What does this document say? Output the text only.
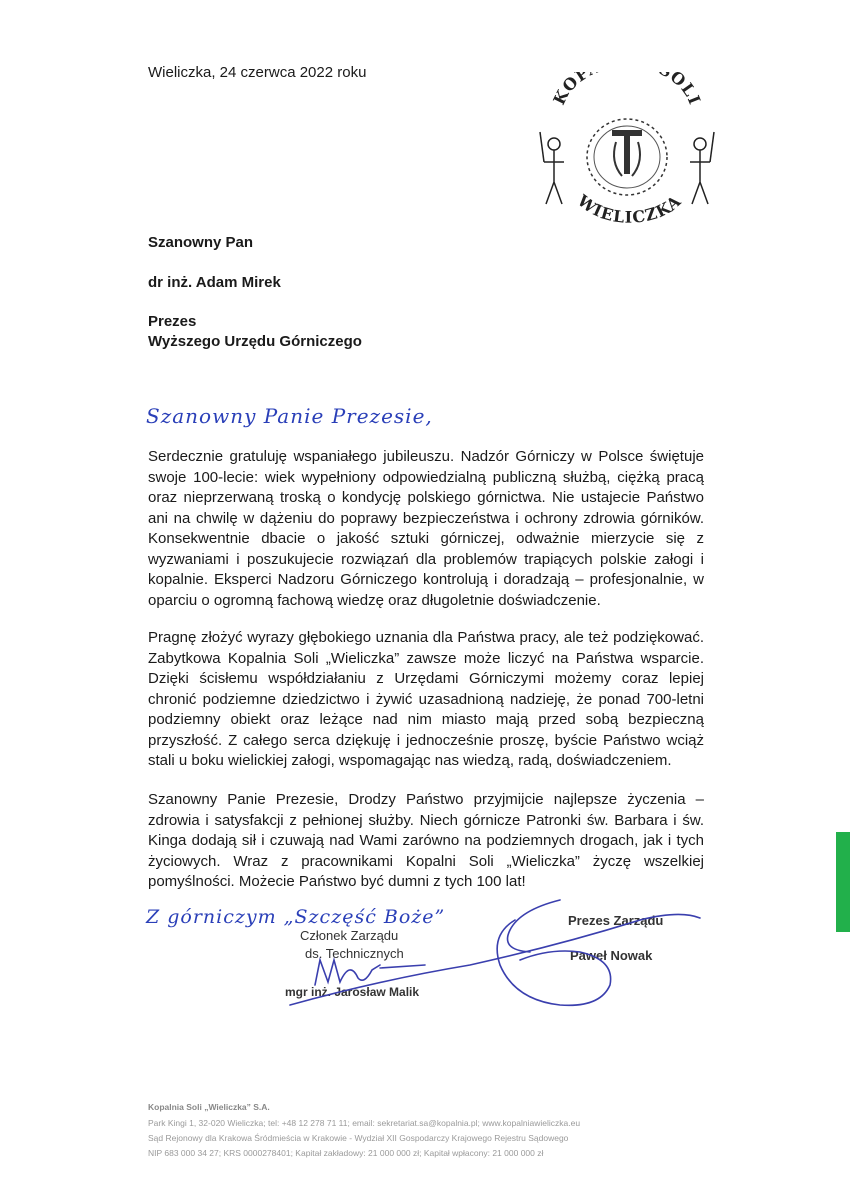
Wieliczka, 24 czerwca 2022 roku
KOP OLI
WIELICZKA
Szanowny Pan
dr inż. Adam Mirek
Prezes
Wyższego Urzędu Górniczego
Szanowny Panie Prezesie,
Serdecznie gratuluję wspaniałego jubileuszu. Nadzór Górniczy w Polsce świętuje swoje 100-lecie: wiek wypełniony odpowiedzialną publiczną służbą, ciężką pracą oraz nieprzerwaną troską o kondycję polskiego górnictwa. Nie ustajecie Państwo ani na chwilę w dążeniu do poprawy bezpieczeństwa i ochrony zdrowia górników. Konsekwentnie dbacie o jakość sztuki górniczej, odważnie mierzycie się z wyzwaniami i poszukujecie rozwiązań dla problemów trapiących polskie załogi i kopalnie. Eksperci Nadzoru Górniczego kontrolują i doradzają – profesjonalnie, w oparciu o ogromną fachową wiedzę oraz długoletnie doświadczenie.
Pragnę złożyć wyrazy głębokiego uznania dla Państwa pracy, ale też podziękować. Zabytkowa Kopalnia Soli „Wieliczka” zawsze może liczyć na Państwa wsparcie. Dzięki ścisłemu współdziałaniu z Urzędami Górniczymi możemy coraz lepiej chronić podziemne dziedzictwo i żywić uzasadnioną nadzieję, że ponad 700-letni podziemny obiekt oraz leżące nad nim miasto mają przed sobą bezpieczną przyszłość. Z całego serca dziękuję i jednocześnie proszę, byście Państwo wciąż stali u boku wielickiej załogi, wspomagając nas wiedzą, radą, doświadczeniem.
Szanowny Panie Prezesie, Drodzy Państwo przyjmijcie najlepsze życzenia – zdrowia i satysfakcji z pełnionej służby. Niech górnicze Patronki św. Barbara i św. Kinga dodają sił i czuwają nad Wami zarówno na podziemnych drogach, jak i tych życiowych. Wraz z pracownikami Kopalni Soli „Wieliczka” życzę wszelkiej pomyślności. Możecie Państwo być dumni z tych 100 lat!
Z górniczym „Szczęść Boże”
Członek Zarządu
ds. Technicznych
mgr inż. Jarosław Malik
Prezes Zarządu
Paweł Nowak
Kopalnia Soli „Wieliczka” S.A.
Park Kingi 1, 32-020 Wieliczka; tel: +48 12 278 71 11; email: sekretariat.sa@kopalnia.pl; www.kopalniawieliczka.eu
Sąd Rejonowy dla Krakowa Śródmieścia w Krakowie - Wydział XII Gospodarczy Krajowego Rejestru Sądowego
NIP 683 000 34 27; KRS 0000278401; Kapitał zakładowy: 21 000 000 zł; Kapitał wpłacony: 21 000 000 zł
